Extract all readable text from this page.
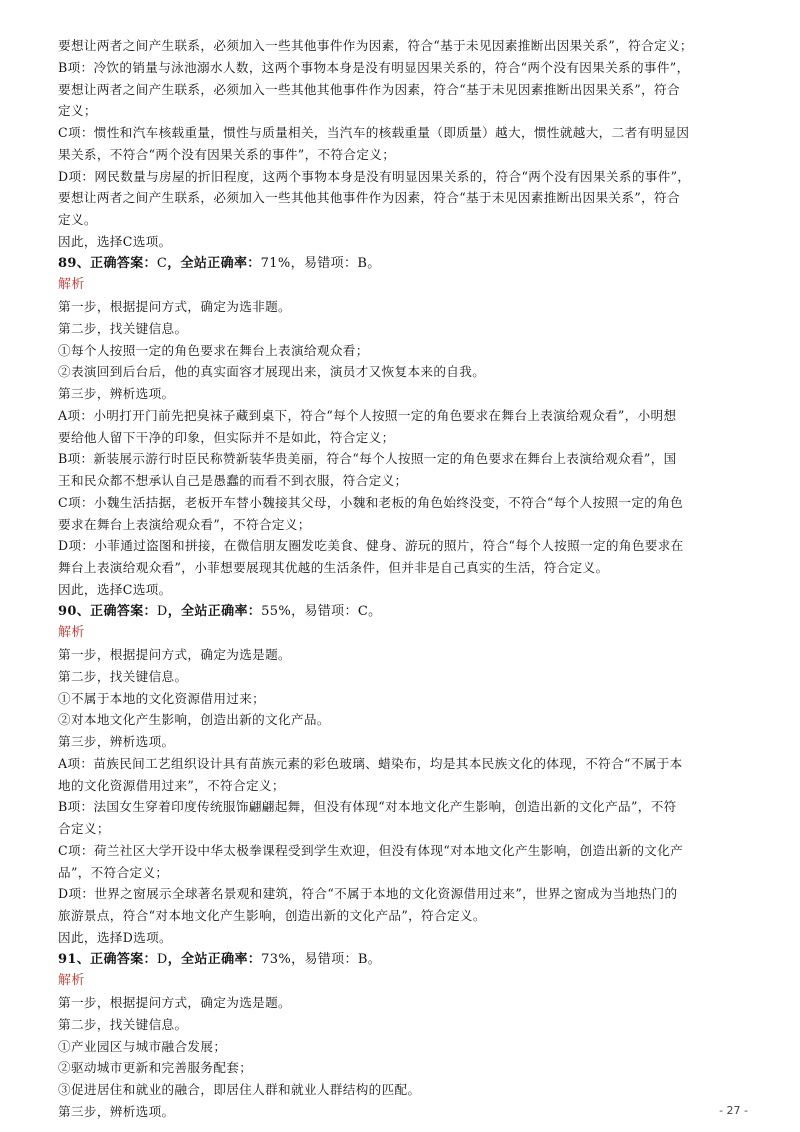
要想让两者之间产生联系，必须加入一些其他事件作为因素，符合“基于未见因素推断出因果关系”，符合定义；
B项：冷饮的销量与泳池溺水人数，这两个事物本身是没有明显因果关系的，符合“两个没有因果关系的事件”，
要想让两者之间产生联系，必须加入一些其他其他事件作为因素，符合“基于未见因素推断出因果关系”，符合
定义；
C项：惯性和汽车核载重量，惯性与质量相关，当汽车的核载重量（即质量）越大，惯性就越大，二者有明显因
果关系，不符合“两个没有因果关系的事件”，不符合定义；
D项：网民数量与房屋的折旧程度，这两个事物本身是没有明显因果关系的，符合“两个没有因果关系的事件”，
要想让两者之间产生联系，必须加入一些其他其他事件作为因素，符合“基于未见因素推断出因果关系”，符合
定义。
因此，选择C选项。
89、正确答案：C，全站正确率：71%，易错项：B。
解析
第一步，根据提问方式，确定为选非题。
第二步，找关键信息。
①每个人按照一定的角色要求在舞台上表演给观众看；
②表演回到后台后，他的真实面容才展现出来，演员才又恢复本来的自我。
第三步，辨析选项。
A项：小明打开门前先把臭袜子藏到桌下，符合“每个人按照一定的角色要求在舞台上表演给观众看”，小明想
要给他人留下干净的印象，但实际并不是如此，符合定义；
B项：新装展示游行时臣民称赞新装华贵美丽，符合“每个人按照一定的角色要求在舞台上表演给观众看”，国
王和民众都不想承认自己是愚蠢的而看不到衣服，符合定义；
C项：小魏生活拮据，老板开车替小魏接其父母，小魏和老板的角色始终没变，不符合“每个人按照一定的角色
要求在舞台上表演给观众看”，不符合定义；
D项：小菲通过盗图和拼接，在微信朋友圈发吃美食、健身、游玩的照片，符合“每个人按照一定的角色要求在
舞台上表演给观众看”，小菲想要展现其优越的生活条件，但并非是自己真实的生活，符合定义。
因此，选择C选项。
90、正确答案：D，全站正确率：55%，易错项：C。
解析
第一步，根据提问方式，确定为选是题。
第二步，找关键信息。
①不属于本地的文化资源借用过来；
②对本地文化产生影响，创造出新的文化产品。
第三步，辨析选项。
A项：苗族民间工艺组织设计具有苗族元素的彩色玻璃、蜡染布，均是其本民族文化的体现，不符合“不属于本
地的文化资源借用过来”，不符合定义；
B项：法国女生穿着印度传统服饰翩翩起舞，但没有体现“对本地文化产生影响，创造出新的文化产品”，不符
合定义；
C项：荷兰社区大学开设中华太极拳课程受到学生欢迎，但没有体现“对本地文化产生影响，创造出新的文化产
品”，不符合定义；
D项：世界之窗展示全球著名景观和建筑，符合“不属于本地的文化资源借用过来”，世界之窗成为当地热门的
旅游景点，符合“对本地文化产生影响，创造出新的文化产品”，符合定义。
因此，选择D选项。
91、正确答案：D，全站正确率：73%，易错项：B。
解析
第一步，根据提问方式，确定为选是题。
第二步，找关键信息。
①产业园区与城市融合发展；
②驱动城市更新和完善服务配套；
③促进居住和就业的融合，即居住人群和就业人群结构的匹配。
第三步，辨析选项。	- 27 -
